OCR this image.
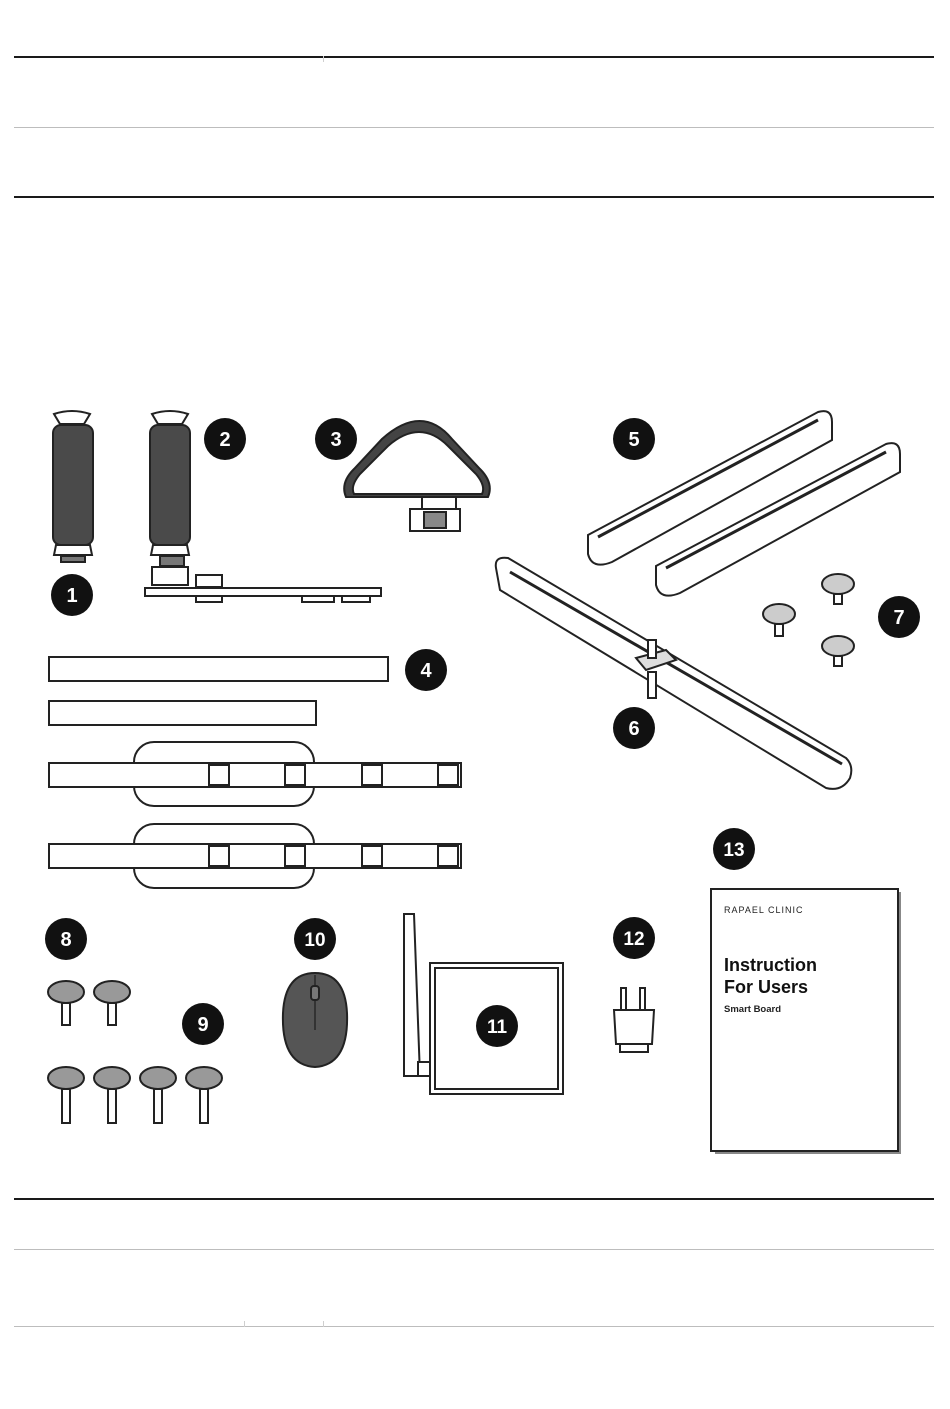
RAPAEL CLINIC
Instruction
For Users
Smart Board
1
2	3
4
5
6
7
8
9
10
11
12
13
